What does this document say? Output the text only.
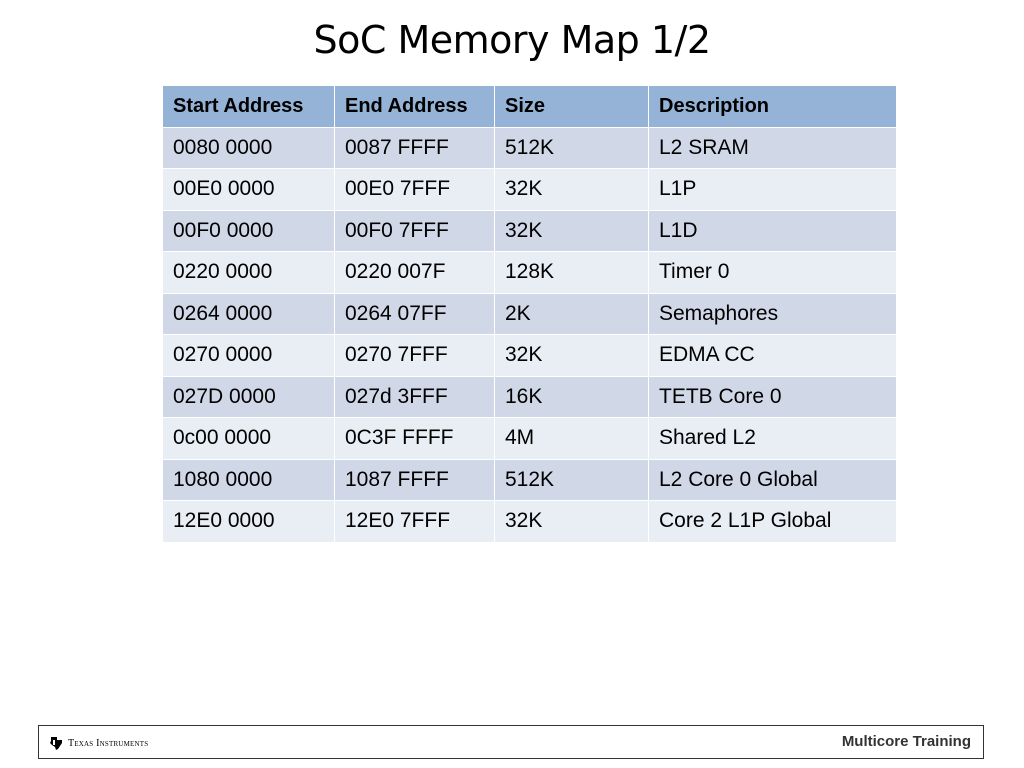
SoC Memory Map 1/2
Start Address	End Address	Size	Description
0080 0000	0087 FFFF	512K	L2 SRAM
00E0 0000	00E0 7FFF	32K	L1P
00F0 0000	00F0 7FFF	32K	L1D
0220 0000	0220 007F	128K	Timer 0
0264 0000	0264 07FF	2K	Semaphores
0270 0000	0270 7FFF	32K	EDMA CC
027D 0000	027d 3FFF	16K	TETB Core 0
0c00 0000	0C3F FFFF	4M	Shared L2
1080 0000	1087 FFFF	512K	L2 Core 0 Global
12E0 0000	12E0 7FFF	32K	Core 2 L1P Global
Texas Instruments	Multicore Training
